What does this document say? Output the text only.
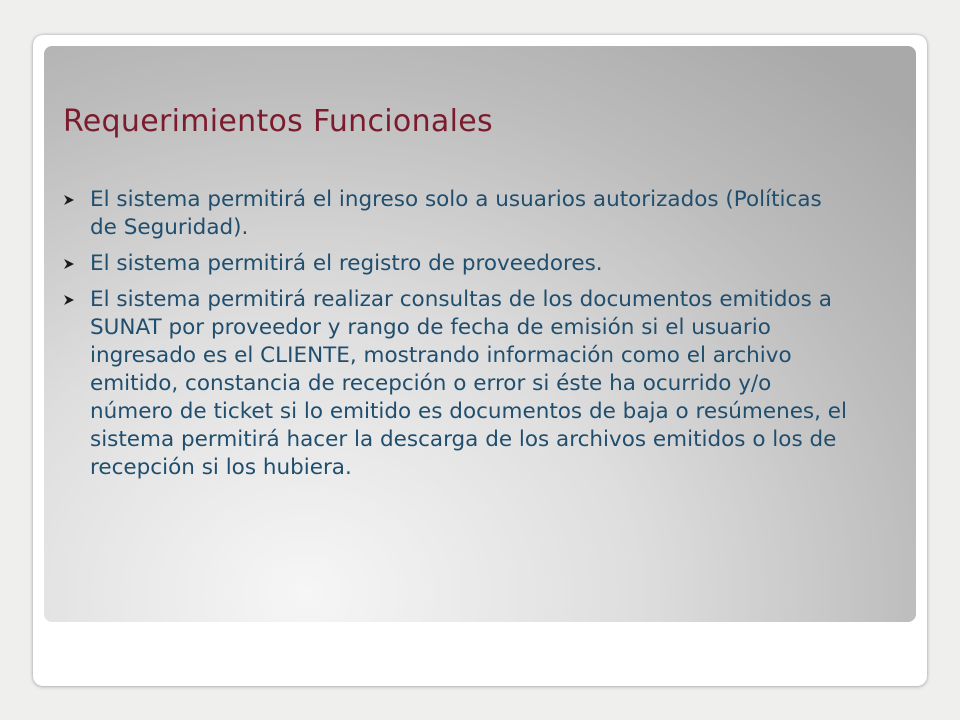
Requerimientos Funcionales
El sistema permitirá el ingreso solo a usuarios autorizados (Políticas de Seguridad).
El sistema permitirá el registro de proveedores.
El sistema permitirá realizar consultas de los documentos emitidos a SUNAT por proveedor y rango de fecha de emisión si el usuario ingresado es el CLIENTE, mostrando información como el archivo emitido, constancia de recepción o error si éste ha ocurrido y/o número de ticket si lo emitido es documentos de baja o resúmenes, el sistema permitirá hacer la descarga de los archivos emitidos o los de recepción si los hubiera.
